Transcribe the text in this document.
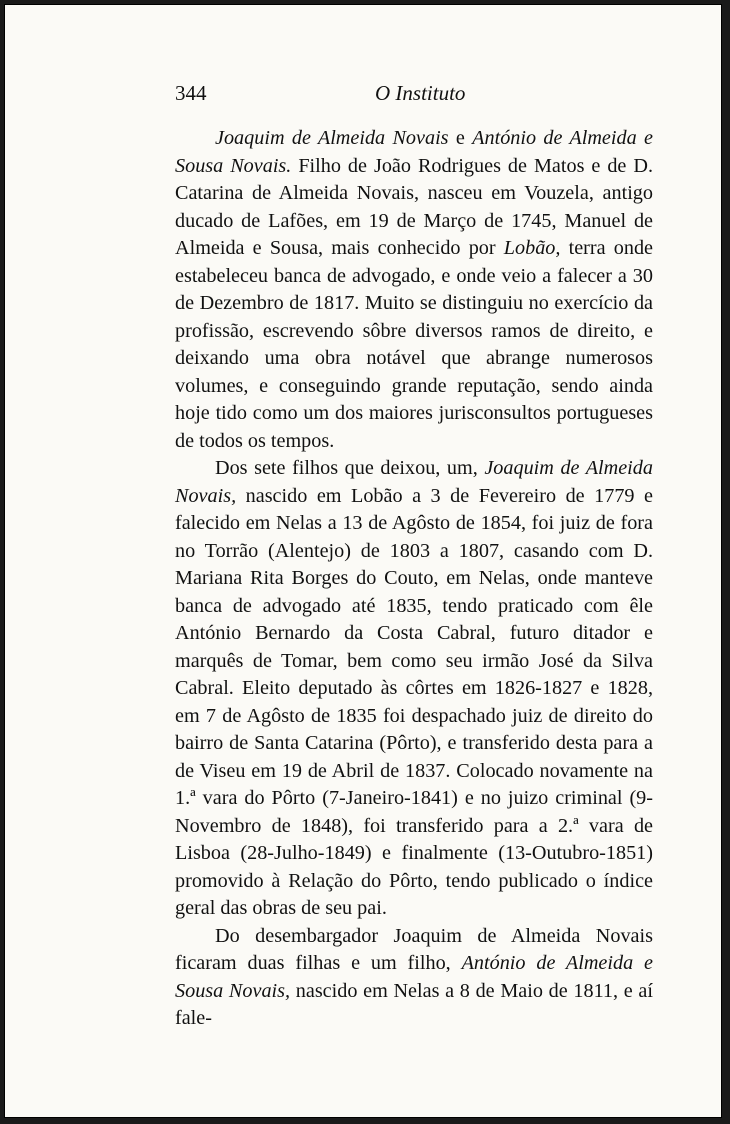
344	O Instituto

Joaquim de Almeida Novais e António de Almeida e Sousa Novais. Filho de João Rodrigues de Matos e de D. Catarina de Almeida Novais, nasceu em Vouzela, antigo ducado de Lafões, em 19 de Março de 1745, Manuel de Almeida e Sousa, mais conhecido por Lobão, terra onde estabeleceu banca de advogado, e onde veio a falecer a 30 de Dezembro de 1817. Muito se distinguiu no exercício da profissão, escrevendo sôbre diversos ramos de direito, e deixando uma obra notável que abrange numerosos volumes, e conseguindo grande reputação, sendo ainda hoje tido como um dos maiores jurisconsultos portugueses de todos os tempos.

Dos sete filhos que deixou, um, Joaquim de Almeida Novais, nascido em Lobão a 3 de Fevereiro de 1779 e falecido em Nelas a 13 de Agôsto de 1854, foi juiz de fora no Torrão (Alentejo) de 1803 a 1807, casando com D. Mariana Rita Borges do Couto, em Nelas, onde manteve banca de advogado até 1835, tendo praticado com êle António Bernardo da Costa Cabral, futuro ditador e marquês de Tomar, bem como seu irmão José da Silva Cabral. Eleito deputado às côrtes em 1826-1827 e 1828, em 7 de Agôsto de 1835 foi despachado juiz de direito do bairro de Santa Catarina (Pôrto), e transferido desta para a de Viseu em 19 de Abril de 1837. Colocado novamente na 1.ª vara do Pôrto (7-Janeiro-1841) e no juizo criminal (9-Novembro de 1848), foi transferido para a 2.ª vara de Lisboa (28-Julho-1849) e finalmente (13-Outubro-1851) promovido à Relação do Pôrto, tendo publicado o índice geral das obras de seu pai.

Do desembargador Joaquim de Almeida Novais ficaram duas filhas e um filho, António de Almeida e Sousa Novais, nascido em Nelas a 8 de Maio de 1811, e aí fale-
